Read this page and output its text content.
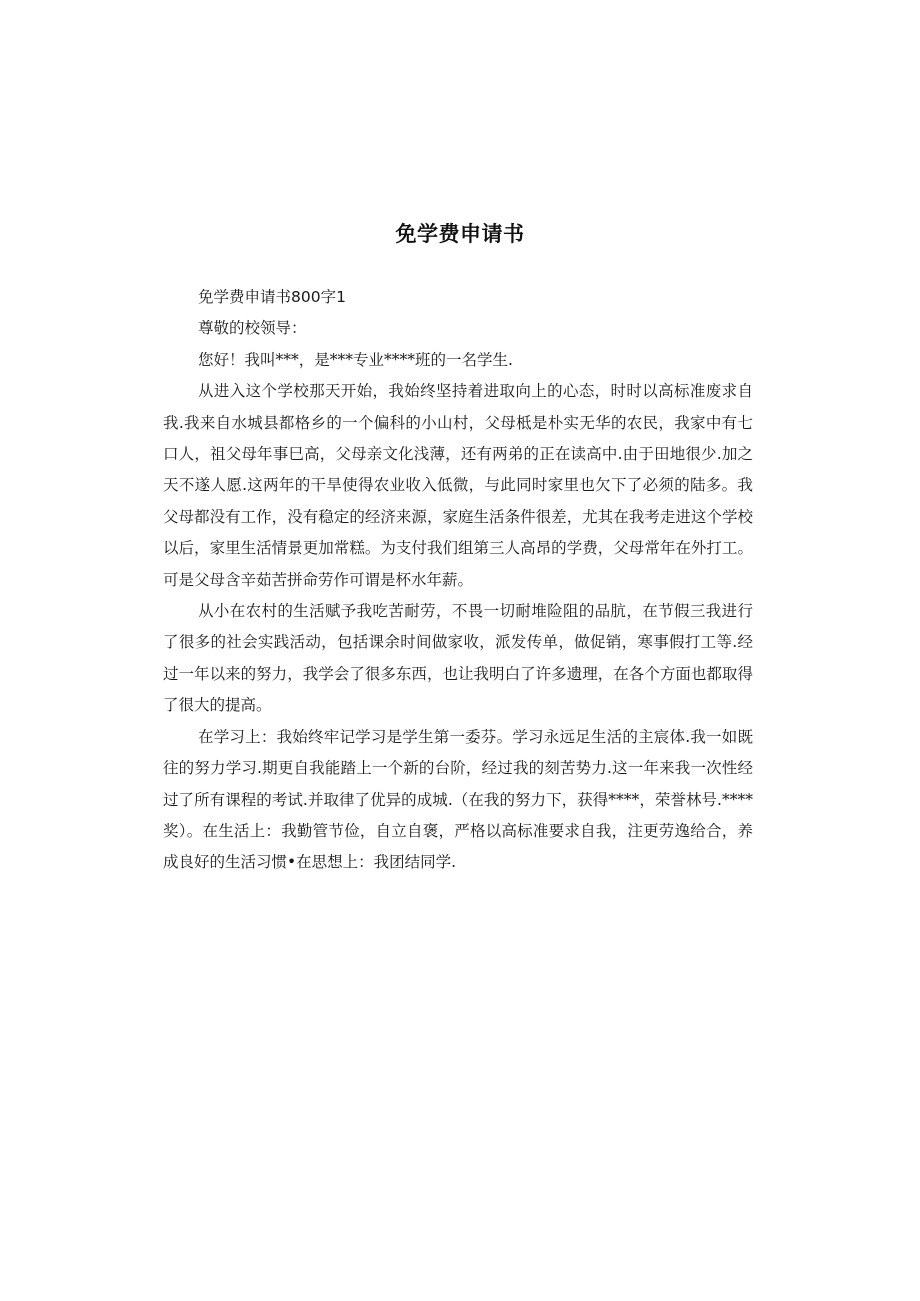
免学费申请书

免学费申请书800字1

尊敬的校领导：

您好！我叫***，是***专业****班的一名学生.

从进入这个学校那天开始，我始终坚持着进取向上的心态，时时以高标准废求自我.我来自水城县都格乡的一个偏科的小山村，父母柢是朴实无华的农民，我家中有七口人，祖父母年事巳高，父母亲文化浅薄，还有两弟的正在读高中.由于田地很少.加之天不遂人愿.这两年的干旱使得农业收入低微，与此同时家里也欠下了必须的陆多。我父母都没有工作，没有稳定的经济来源，家庭生活条件很差，尤其在我考走进这个学校以后，家里生活情景更加常糕。为支付我们组第三人高昂的学费，父母常年在外打工。可是父母含辛茹苦拼命劳作可谓是杯水年薪。

从小在农村的生活赋予我吃苦耐劳，不畏一切耐堆险阻的品肮，在节假三我进行了很多的社会实践活动，包括课余时间做家收，派发传单，做促销，寒事假打工等.经过一年以来的努力，我学会了很多东西，也让我明白了许多遗理，在各个方面也都取得了很大的提高。

在学习上：我始终牢记学习是学生第一委芬。学习永远足生活的主宸体.我一如既往的努力学习.期更自我能踏上一个新的台阶，经过我的刻苦势力.这一年来我一次性经过了所有课程的考试.并取律了优异的成城.（在我的努力下，获得****，荣誉林号.****奖）。在生活上：我勤管节俭，自立自褒，严格以高标准要求自我，注更劳逸给合，养成良好的生活习惯•在思想上：我团结同学.
